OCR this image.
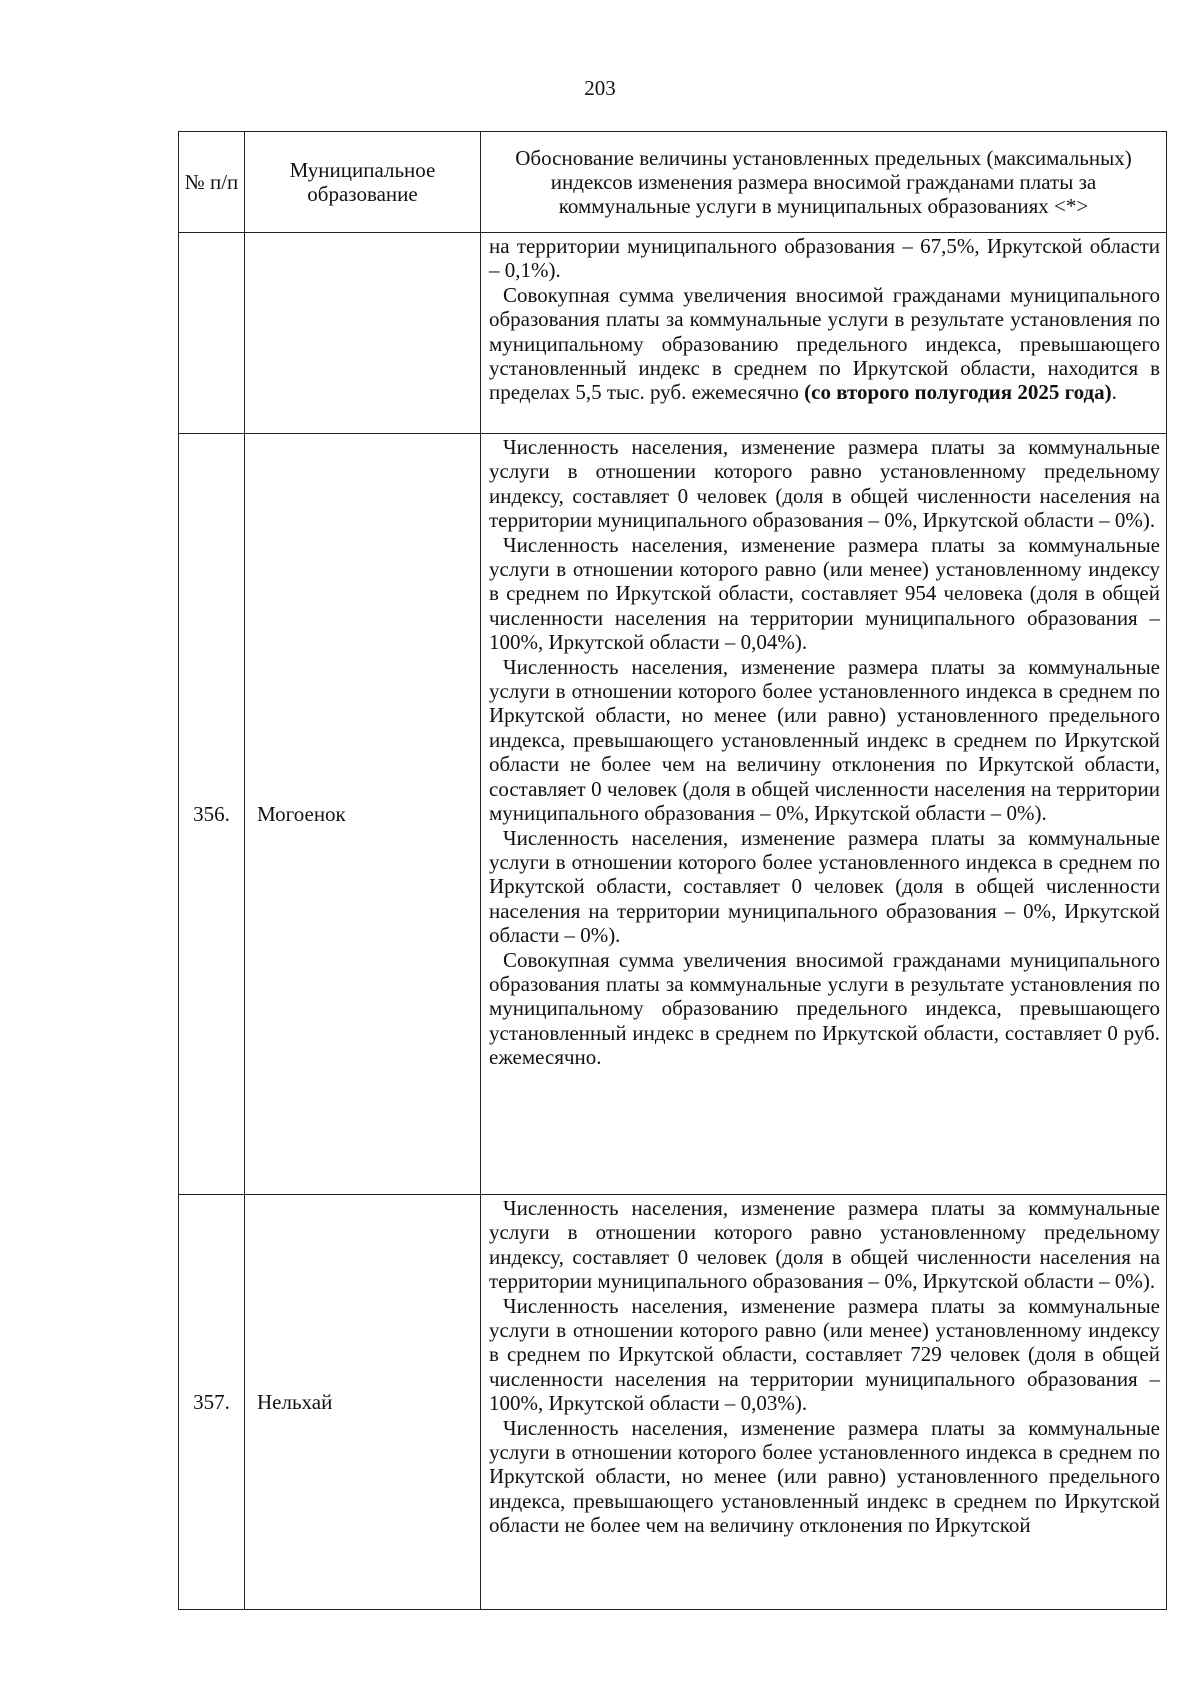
203
№ п/п	Муниципальное образование	Обоснование величины установленных предельных (максимальных) индексов изменения размера вносимой гражданами платы за коммунальные услуги в муниципальных образованиях <*>

		на территории муниципального образования – 67,5%, Иркутской области – 0,1%).

Совокупная сумма увеличения вносимой гражданами муниципального образования платы за коммунальные услуги в результате установления по муниципальному образованию предельного индекса, превышающего установленный индекс в среднем по Иркутской области, находится в пределах 5,5 тыс. руб. ежемесячно (со второго полугодия 2025 года).

356.	Могоенок	Численность населения, изменение размера платы за коммунальные услуги в отношении которого равно установленному предельному индексу, составляет 0 человек (доля в общей численности населения на территории муниципального образования – 0%, Иркутской области – 0%).

Численность населения, изменение размера платы за коммунальные услуги в отношении которого равно (или менее) установленному индексу в среднем по Иркутской области, составляет 954 человека (доля в общей численности населения на территории муниципального образования – 100%, Иркутской области – 0,04%).

Численность населения, изменение размера платы за коммунальные услуги в отношении которого более установленного индекса в среднем по Иркутской области, но менее (или равно) установленного предельного индекса, превышающего установленный индекс в среднем по Иркутской области не более чем на величину отклонения по Иркутской области, составляет 0 человек (доля в общей численности населения на территории муниципального образования – 0%, Иркутской области – 0%).

Численность населения, изменение размера платы за коммунальные услуги в отношении которого более установленного индекса в среднем по Иркутской области, составляет 0 человек (доля в общей численности населения на территории муниципального образования – 0%, Иркутской области – 0%).

Совокупная сумма увеличения вносимой гражданами муниципального образования платы за коммунальные услуги в результате установления по муниципальному образованию предельного индекса, превышающего установленный индекс в среднем по Иркутской области, составляет 0 руб. ежемесячно.

357.	Нельхай	Численность населения, изменение размера платы за коммунальные услуги в отношении которого равно установленному предельному индексу, составляет 0 человек (доля в общей численности населения на территории муниципального образования – 0%, Иркутской области – 0%).

Численность населения, изменение размера платы за коммунальные услуги в отношении которого равно (или менее) установленному индексу в среднем по Иркутской области, составляет 729 человек (доля в общей численности населения на территории муниципального образования – 100%, Иркутской области – 0,03%).

Численность населения, изменение размера платы за коммунальные услуги в отношении которого более установленного индекса в среднем по Иркутской области, но менее (или равно) установленного предельного индекса, превышающего установленный индекс в среднем по Иркутской области не более чем на величину отклонения по Иркутской
